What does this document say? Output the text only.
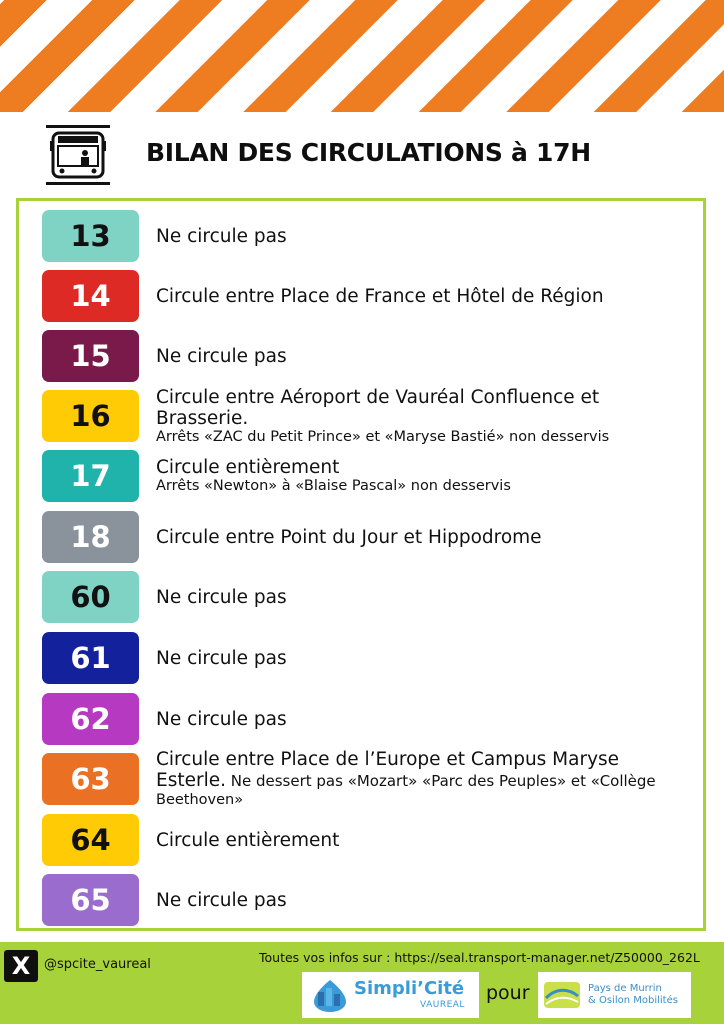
BILAN DES CIRCULATIONS à 17H
13	Ne circule pas
14	Circule entre Place de France et Hôtel de Région
15	Ne circule pas
16
Circule entre Aéroport de Vauréal Confluence et
Brasserie.
Arrêts «ZAC du Petit Prince» et «Maryse Bastié» non desservis
17	Circule entièrement
Arrêts «Newton» à «Blaise Pascal» non desservis
18	Circule entre Point du Jour et Hippodrome
60	Ne circule pas
61	Ne circule pas
62	Ne circule pas
63
Circule entre Place de l’Europe et Campus Maryse
Esterle. Ne dessert pas «Mozart» «Parc des Peuples» et «Collège
Beethoven»
64	Circule entièrement
65	Ne circule pas
X	@spcite_vaureal	Toutes vos infos sur : https://seal.transport-manager.net/Z50000_262L
Simpli’Cité
VAUREAL
pour	Pays de Murrin
& Osilon Mobilités
